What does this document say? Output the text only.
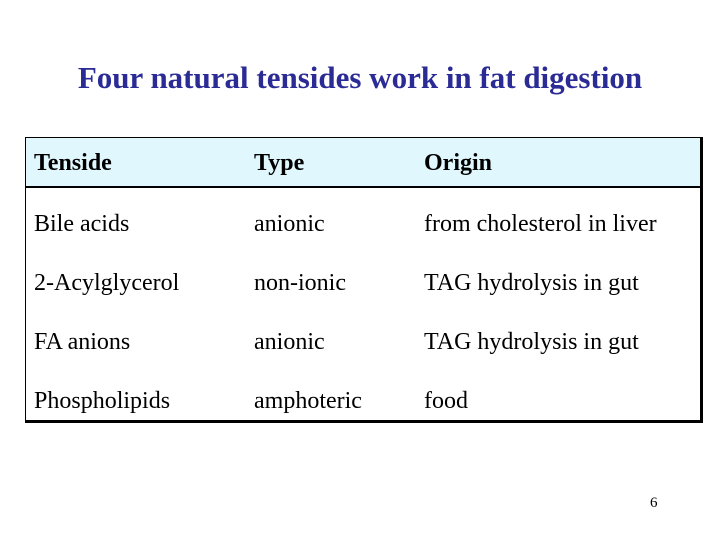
Four natural tensides work in fat digestion
Tenside	Type	Origin
Bile acids	anionic	from cholesterol in liver
2-Acylglycerol	non-ionic	TAG hydrolysis in gut
FA anions	anionic	TAG hydrolysis in gut
Phospholipids	amphoteric	food
6
